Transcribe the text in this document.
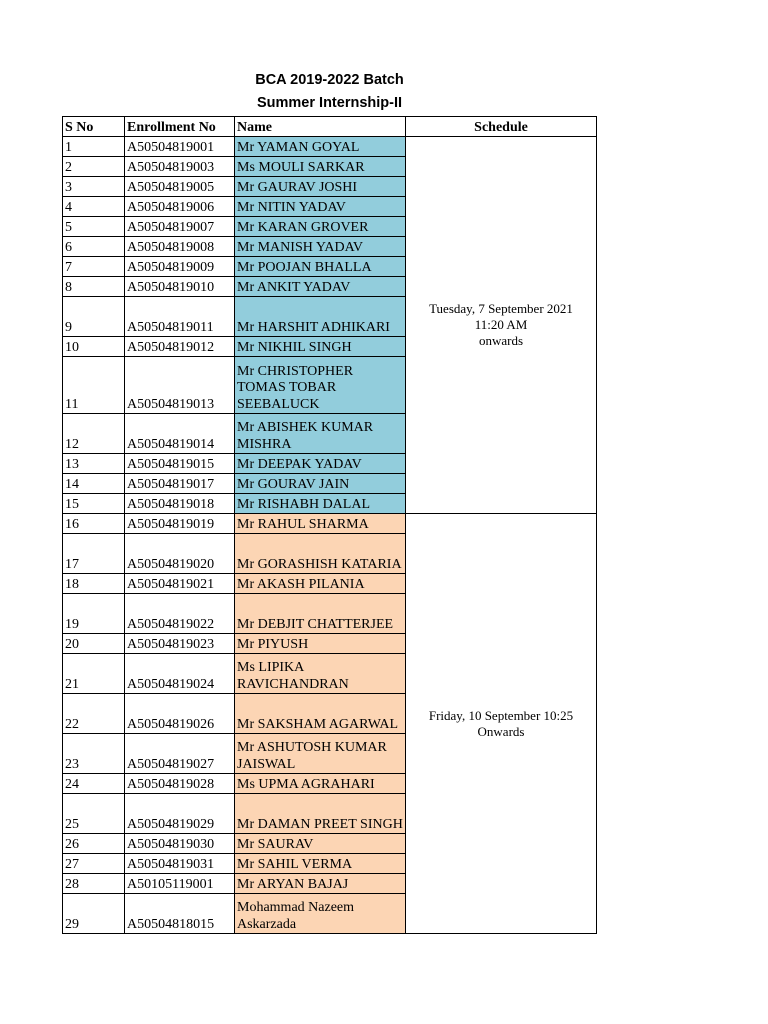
BCA 2019-2022 Batch
Summer Internship-II
S No	Enrollment No	Name	Schedule
1	A50504819001	Mr YAMAN GOYAL	Tuesday, 7 September 2021
11:20 AM
onwards
2	A50504819003	Ms MOULI SARKAR	
3	A50504819005	Mr GAURAV JOSHI	
4	A50504819006	Mr NITIN YADAV	
5	A50504819007	Mr KARAN GROVER	
6	A50504819008	Mr MANISH YADAV	
7	A50504819009	Mr POOJAN BHALLA	
8	A50504819010	Mr ANKIT YADAV	
9	A50504819011	Mr HARSHIT ADHIKARI	
10	A50504819012	Mr NIKHIL SINGH	
11	A50504819013	Mr CHRISTOPHER TOMAS TOBAR SEEBALUCK	
12	A50504819014	Mr ABISHEK KUMAR MISHRA	
13	A50504819015	Mr DEEPAK YADAV	
14	A50504819017	Mr GOURAV JAIN	
15	A50504819018	Mr RISHABH DALAL	
16	A50504819019	Mr RAHUL SHARMA	Friday, 10 September 10:25
Onwards
17	A50504819020	Mr GORASHISH KATARIA	
18	A50504819021	Mr AKASH PILANIA	
19	A50504819022	Mr DEBJIT CHATTERJEE	
20	A50504819023	Mr PIYUSH	
21	A50504819024	Ms LIPIKA RAVICHANDRAN	
22	A50504819026	Mr SAKSHAM AGARWAL	
23	A50504819027	Mr ASHUTOSH KUMAR JAISWAL	
24	A50504819028	Ms UPMA AGRAHARI	
25	A50504819029	Mr DAMAN PREET SINGH	
26	A50504819030	Mr SAURAV	
27	A50504819031	Mr SAHIL VERMA	
28	A50105119001	Mr ARYAN BAJAJ	
29	A50504818015	Mohammad Nazeem Askarzada	
